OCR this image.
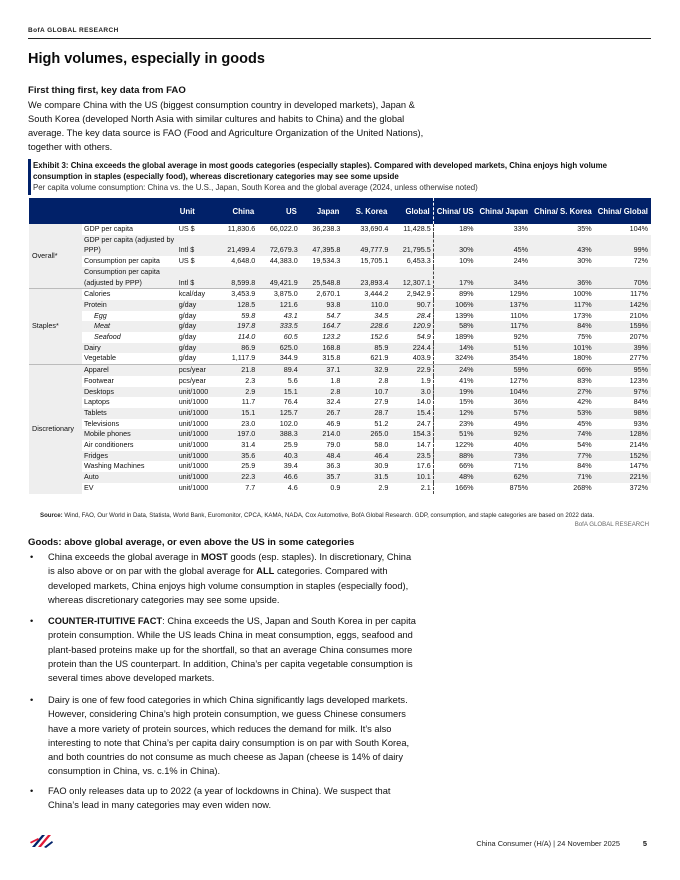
BofA GLOBAL RESEARCH
High volumes, especially in goods
First thing first, key data from FAO
We compare China with the US (biggest consumption country in developed markets), Japan & South Korea (developed North Asia with similar cultures and habits to China) and the global average. The key data source is FAO (Food and Agriculture Organization of the United Nations), together with others.
Exhibit 3: China exceeds the global average in most goods categories (especially staples). Compared with developed markets, China enjoys high volume consumption in staples (especially food), whereas discretionary categories may see some upside
Per capita volume consumption: China vs. the U.S., Japan, South Korea and the global average (2024, unless otherwise noted)
		Unit	China	US	Japan	S. Korea	Global	China/ US	China/ Japan	China/ S. Korea	China/ Global
Overall*	GDP per capita	US $	11,830.6	66,022.0	36,238.3	33,690.4	11,428.5	18%	33%	35%	104%
	GDP per capita (adjusted by PPP)	Intl $	21,499.4	72,679.3	47,395.8	49,777.9	21,795.5	30%	45%	43%	99%
	Consumption per capita	US $	4,648.0	44,383.0	19,534.3	15,705.1	6,453.3	10%	24%	30%	72%
	Consumption per capita (adjusted by PPP)	Intl $	8,599.8	49,421.9	25,548.8	23,893.4	12,307.1	17%	34%	36%	70%
Staples*	Calories	kcal/day	3,453.9	3,875.0	2,670.1	3,444.2	2,942.9	89%	129%	100%	117%
	Protein	g/day	128.5	121.6	93.8	110.0	90.7	106%	137%	117%	142%
	Egg	g/day	59.8	43.1	54.7	34.5	28.4	139%	110%	173%	210%
	Meat	g/day	197.8	333.5	164.7	228.6	120.9	58%	117%	84%	159%
	Seafood	g/day	114.0	60.5	123.2	152.6	54.9	189%	92%	75%	207%
	Dairy	g/day	86.9	625.0	168.8	85.9	224.4	14%	51%	101%	39%
	Vegetable	g/day	1,117.9	344.9	315.8	621.9	403.9	324%	354%	180%	277%
Discretionary	Apparel	pcs/year	21.8	89.4	37.1	32.9	22.9	24%	59%	66%	95%
	Footwear	pcs/year	2.3	5.6	1.8	2.8	1.9	41%	127%	83%	123%
	Desktops	unit/1000	2.9	15.1	2.8	10.7	3.0	19%	104%	27%	97%
	Laptops	unit/1000	11.7	76.4	32.4	27.9	14.0	15%	36%	42%	84%
	Tablets	unit/1000	15.1	125.7	26.7	28.7	15.4	12%	57%	53%	98%
	Televisions	unit/1000	23.0	102.0	46.9	51.2	24.7	23%	49%	45%	93%
	Mobile phones	unit/1000	197.0	388.3	214.0	265.0	154.3	51%	92%	74%	128%
	Air conditioners	unit/1000	31.4	25.9	79.0	58.0	14.7	122%	40%	54%	214%
	Fridges	unit/1000	35.6	40.3	48.4	46.4	23.5	88%	73%	77%	152%
	Washing Machines	unit/1000	25.9	39.4	36.3	30.9	17.6	66%	71%	84%	147%
	Auto	unit/1000	22.3	46.6	35.7	31.5	10.1	48%	62%	71%	221%
	EV	unit/1000	7.7	4.6	0.9	2.9	2.1	166%	875%	268%	372%
Source: Wind, FAO, Our World in Data, Statista, World Bank, Euromonitor, CPCA, KAMA, NADA, Cox Automotive, BofA Global Research. GDP, consumption, and staple categories are based on 2022 data.
BofA GLOBAL RESEARCH
Goods: above global average, or even above the US in some categories
• China exceeds the global average in MOST goods (esp. staples). In discretionary, China is also above or on par with the global average for ALL categories. Compared with developed markets, China enjoys high volume consumption in staples (especially food), whereas discretionary categories may see some upside.
• COUNTER-ITUITIVE FACT: China exceeds the US, Japan and South Korea in per capita protein consumption. While the US leads China in meat consumption, eggs, seafood and plant-based proteins make up for the shortfall, so that an average China consumes more protein than the US counterpart. In addition, China’s per capita vegetable consumption is several times above developed markets.
• Dairy is one of few food categories in which China significantly lags developed markets. However, considering China’s high protein consumption, we guess Chinese consumers have a more variety of protein sources, which reduces the demand for milk. It’s also interesting to note that China’s per capita dairy consumption is on par with South Korea, and both countries do not consume as much cheese as Japan (cheese is 14% of dairy consumption in China, vs. c.1% in China).
• FAO only releases data up to 2022 (a year of lockdowns in China). We suspect that China’s lead in many categories may even widen now.
China Consumer (H/A) | 24 November 2025	5
